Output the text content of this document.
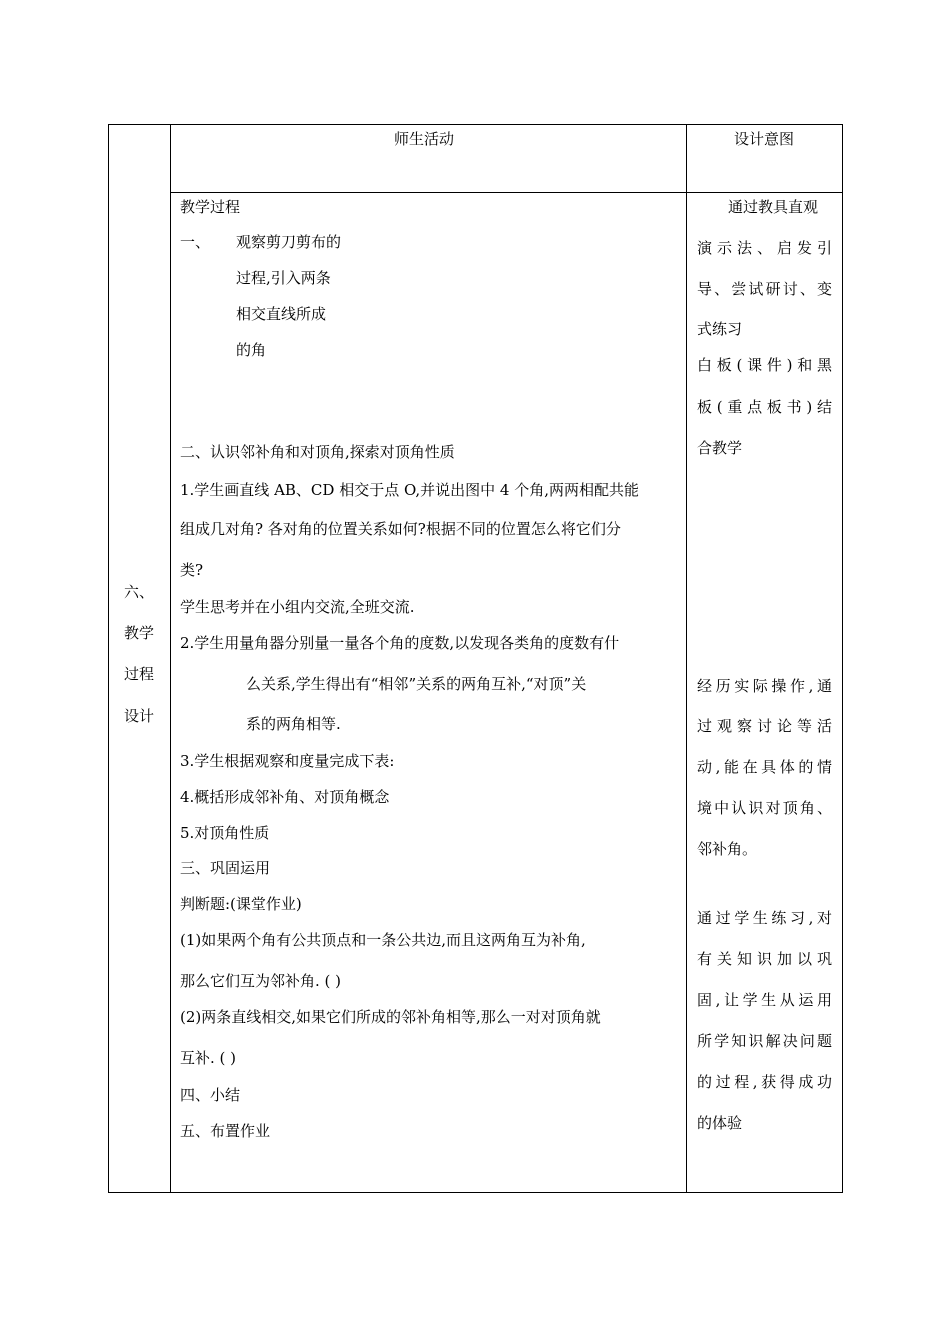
六、
教学
过程
设计
师生活动	设计意图
教学过程
一、 观察剪刀剪布的
过程,引入两条
相交直线所成
的角
二、认识邻补角和对顶角,探索对顶角性质
1.学生画直线 AB、CD 相交于点 O,并说出图中 4 个角,两两相配共能
组成几对角? 各对角的位置关系如何?根据不同的位置怎么将它们分
类?
学生思考并在小组内交流,全班交流.
2.学生用量角器分别量一量各个角的度数,以发现各类角的度数有什
么关系,学生得出有“相邻”关系的两角互补,“对顶”关
系的两角相等.
3.学生根据观察和度量完成下表:
4.概括形成邻补角、对顶角概念
5.对顶角性质
三、巩固运用
判断题:(课堂作业)
(1)如果两个角有公共顶点和一条公共边,而且这两角互为补角,
那么它们互为邻补角. ( )
(2)两条直线相交,如果它们所成的邻补角相等,那么一对对顶角就
互补. ( )
四、小结
五、布置作业
通过教具直观
演示法、启发引
导、尝试研讨、变
式练习
白板(课件)和黑
板(重点板书)结
合教学
经历实际操作,通
过观察讨论等活
动,能在具体的情
境中认识对顶角、
邻补角。
通过学生练习,对
有关知识加以巩
固,让学生从运用
所学知识解决问题
的过程,获得成功
的体验
